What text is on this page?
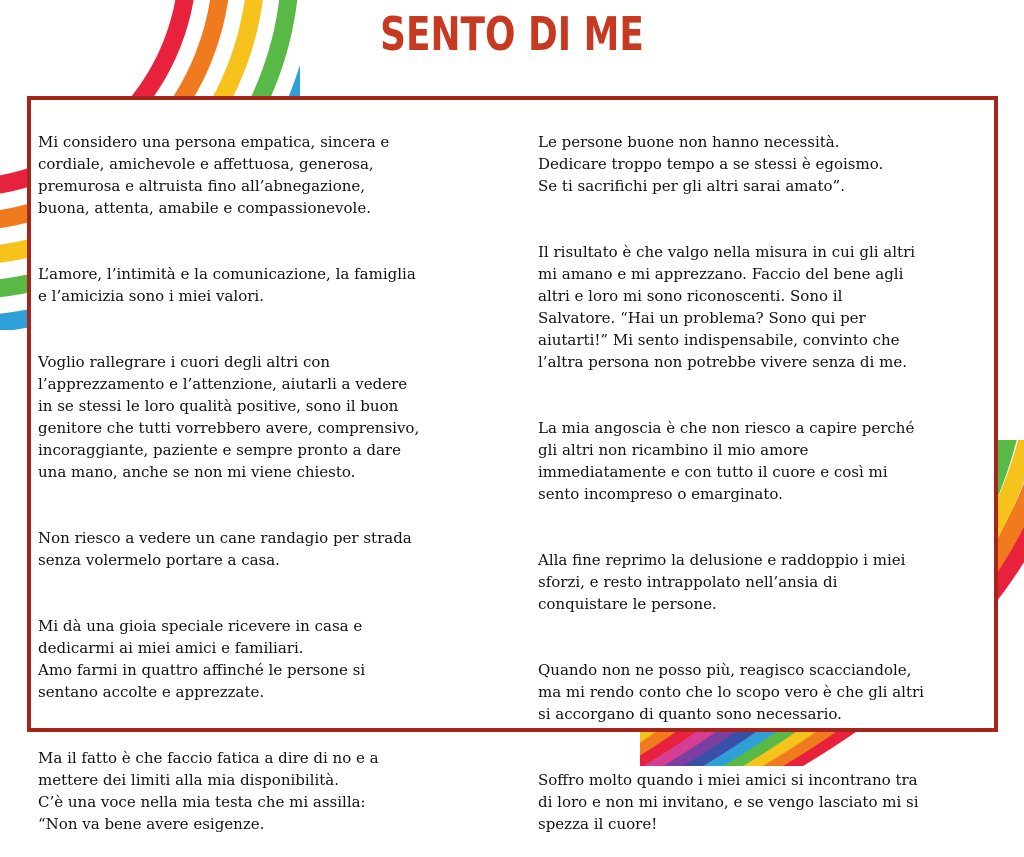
SENTO DI ME

Mi considero una persona empatica, sincera e
cordiale, amichevole e affettuosa, generosa,
premurosa e altruista fino all’abnegazione,
buona, attenta, amabile e compassionevole.

L’amore, l’intimità e la comunicazione, la famiglia
e l’amicizia sono i miei valori.

Voglio rallegrare i cuori degli altri con
l’apprezzamento e l’attenzione, aiutarli a vedere
in se stessi le loro qualità positive, sono il buon
genitore che tutti vorrebbero avere, comprensivo,
incoraggiante, paziente e sempre pronto a dare
una mano, anche se non mi viene chiesto.

Non riesco a vedere un cane randagio per strada
senza volermelo portare a casa.

Mi dà una gioia speciale ricevere in casa e
dedicarmi ai miei amici e familiari.
Amo farmi in quattro affinché le persone si
sentano accolte e apprezzate.

Ma il fatto è che faccio fatica a dire di no e a
mettere dei limiti alla mia disponibilità.
C’è una voce nella mia testa che mi assilla:
“Non va bene avere esigenze.

Le persone buone non hanno necessità.
Dedicare troppo tempo a se stessi è egoismo.
Se ti sacrifichi per gli altri sarai amato”.

Il risultato è che valgo nella misura in cui gli altri
mi amano e mi apprezzano. Faccio del bene agli
altri e loro mi sono riconoscenti. Sono il
Salvatore. “Hai un problema? Sono qui per
aiutarti!” Mi sento indispensabile, convinto che
l’altra persona non potrebbe vivere senza di me.

La mia angoscia è che non riesco a capire perché
gli altri non ricambino il mio amore
immediatamente e con tutto il cuore e così mi
sento incompreso o emarginato.

Alla fine reprimo la delusione e raddoppio i miei
sforzi, e resto intrappolato nell’ansia di
conquistare le persone.

Quando non ne posso più, reagisco scacciandole,
ma mi rendo conto che lo scopo vero è che gli altri
si accorgano di quanto sono necessario.

Soffro molto quando i miei amici si incontrano tra
di loro e non mi invitano, e se vengo lasciato mi si
spezza il cuore!
